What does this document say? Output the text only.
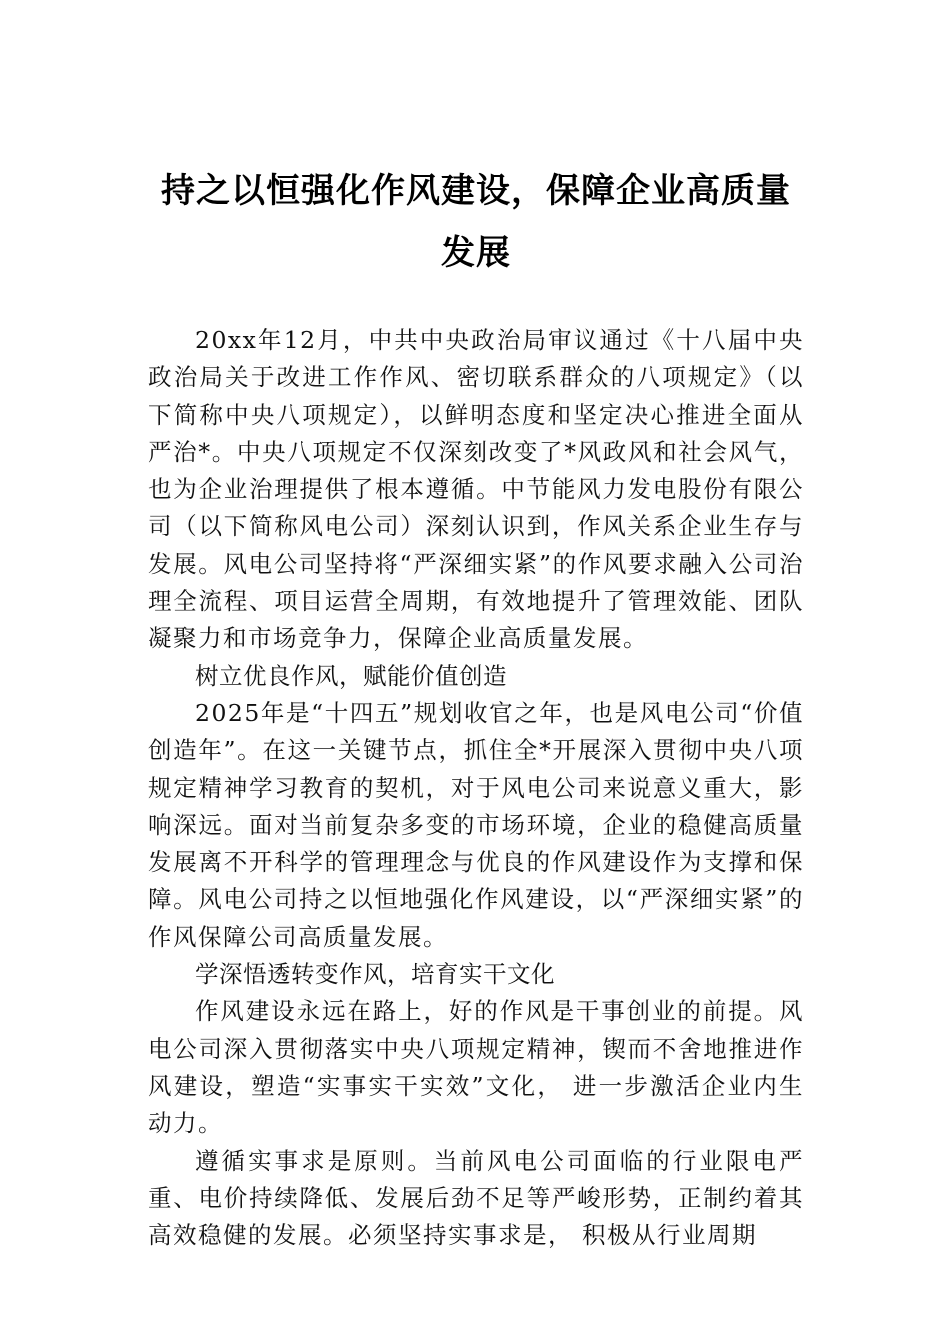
持之以恒强化作风建设，保障企业高质量
发展

20xx年12月，中共中央政治局审议通过《十八届中央政治局关于改进工作作风、密切联系群众的八项规定》（以下简称中央八项规定），以鲜明态度和坚定决心推进全面从严治*。中央八项规定不仅深刻改变了*风政风和社会风气，也为企业治理提供了根本遵循。中节能风力发电股份有限公司（以下简称风电公司）深刻认识到，作风关系企业生存与发展。风电公司坚持将“严深细实紧”的作风要求融入公司治理全流程、项目运营全周期，有效地提升了管理效能、团队凝聚力和市场竞争力，保障企业高质量发展。

树立优良作风，赋能价值创造

2025年是“十四五”规划收官之年，也是风电公司“价值创造年”。在这一关键节点，抓住全*开展深入贯彻中央八项规定精神学习教育的契机，对于风电公司来说意义重大，影响深远。面对当前复杂多变的市场环境，企业的稳健高质量发展离不开科学的管理理念与优良的作风建设作为支撑和保障。风电公司持之以恒地强化作风建设，以“严深细实紧”的作风保障公司高质量发展。

学深悟透转变作风，培育实干文化

作风建设永远在路上，好的作风是干事创业的前提。风电公司深入贯彻落实中央八项规定精神，锲而不舍地推进作风建设，塑造“实事实干实效”文化， 进一步激活企业内生动力。

遵循实事求是原则。当前风电公司面临的行业限电严重、电价持续降低、发展后劲不足等严峻形势，正制约着其高效稳健的发展。必须坚持实事求是， 积极从行业周期
